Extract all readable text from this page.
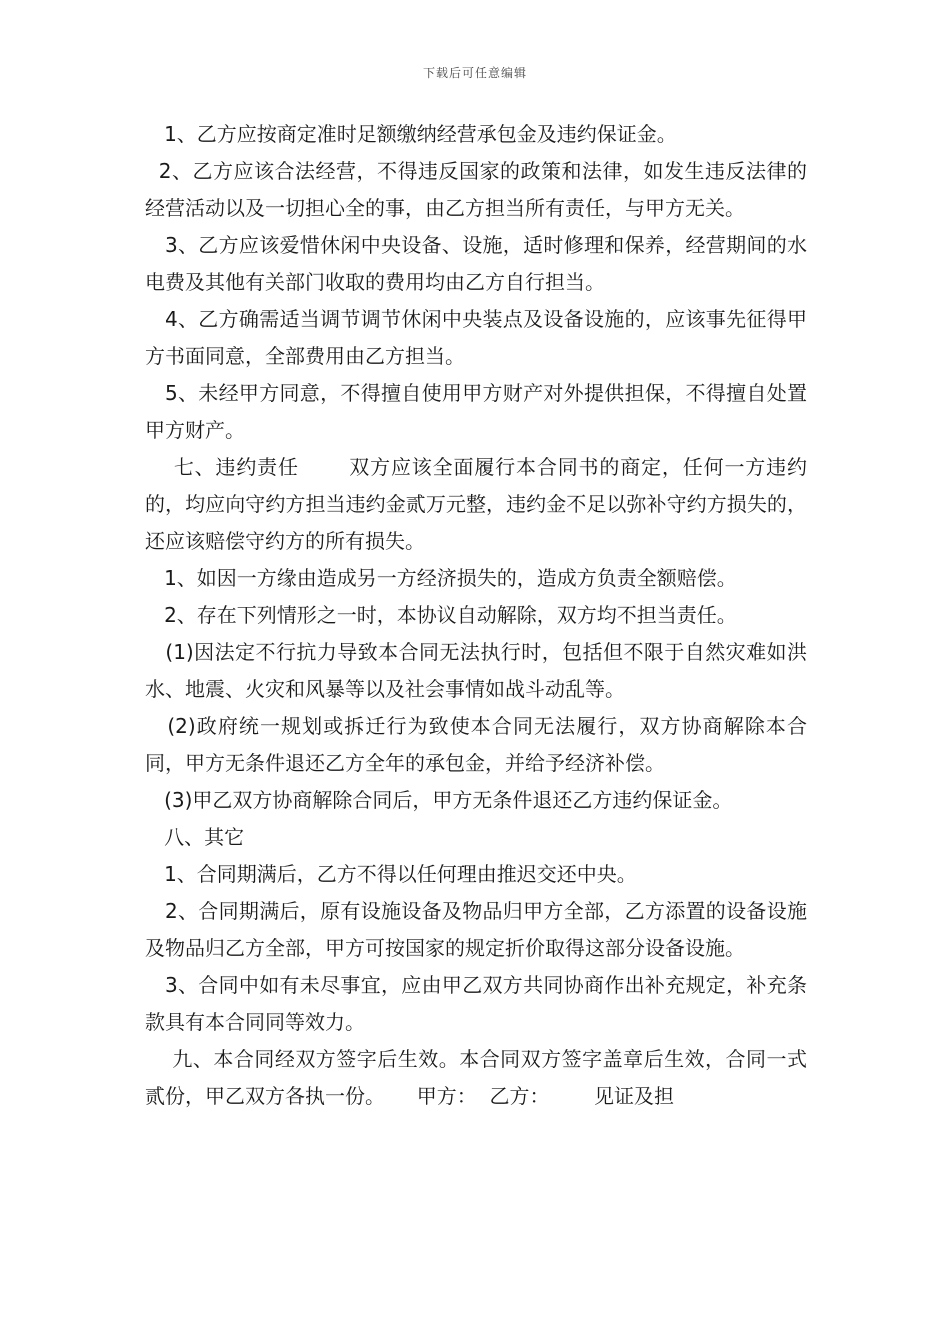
下载后可任意编辑

1、乙方应按商定准时足额缴纳经营承包金及违约保证金。

2、乙方应该合法经营，不得违反国家的政策和法律，如发生违反法律的经营活动以及一切担心全的事，由乙方担当所有责任，与甲方无关。

3、乙方应该爱惜休闲中央设备、设施，适时修理和保养，经营期间的水电费及其他有关部门收取的费用均由乙方自行担当。

4、乙方确需适当调节调节休闲中央装点及设备设施的，应该事先征得甲方书面同意，全部费用由乙方担当。

5、未经甲方同意，不得擅自使用甲方财产对外提供担保，不得擅自处置甲方财产。

七、违约责任       双方应该全面履行本合同书的商定，任何一方违约的，均应向守约方担当违约金贰万元整，违约金不足以弥补守约方损失的，还应该赔偿守约方的所有损失。

1、如因一方缘由造成另一方经济损失的，造成方负责全额赔偿。

2、存在下列情形之一时，本协议自动解除，双方均不担当责任。

(1)因法定不行抗力导致本合同无法执行时，包括但不限于自然灾难如洪水、地震、火灾和风暴等以及社会事情如战斗动乱等。

(2)政府统一规划或拆迁行为致使本合同无法履行，双方协商解除本合同，甲方无条件退还乙方全年的承包金，并给予经济补偿。

(3)甲乙双方协商解除合同后，甲方无条件退还乙方违约保证金。

八、其它

1、合同期满后，乙方不得以任何理由推迟交还中央。

2、合同期满后，原有设施设备及物品归甲方全部，乙方添置的设备设施及物品归乙方全部，甲方可按国家的规定折价取得这部分设备设施。

3、合同中如有未尽事宜，应由甲乙双方共同协商作出补充规定，补充条款具有本合同同等效力。

九、本合同经双方签字后生效。本合同双方签字盖章后生效，合同一式贰份，甲乙双方各执一份。     甲方：  乙方：       见证及担
